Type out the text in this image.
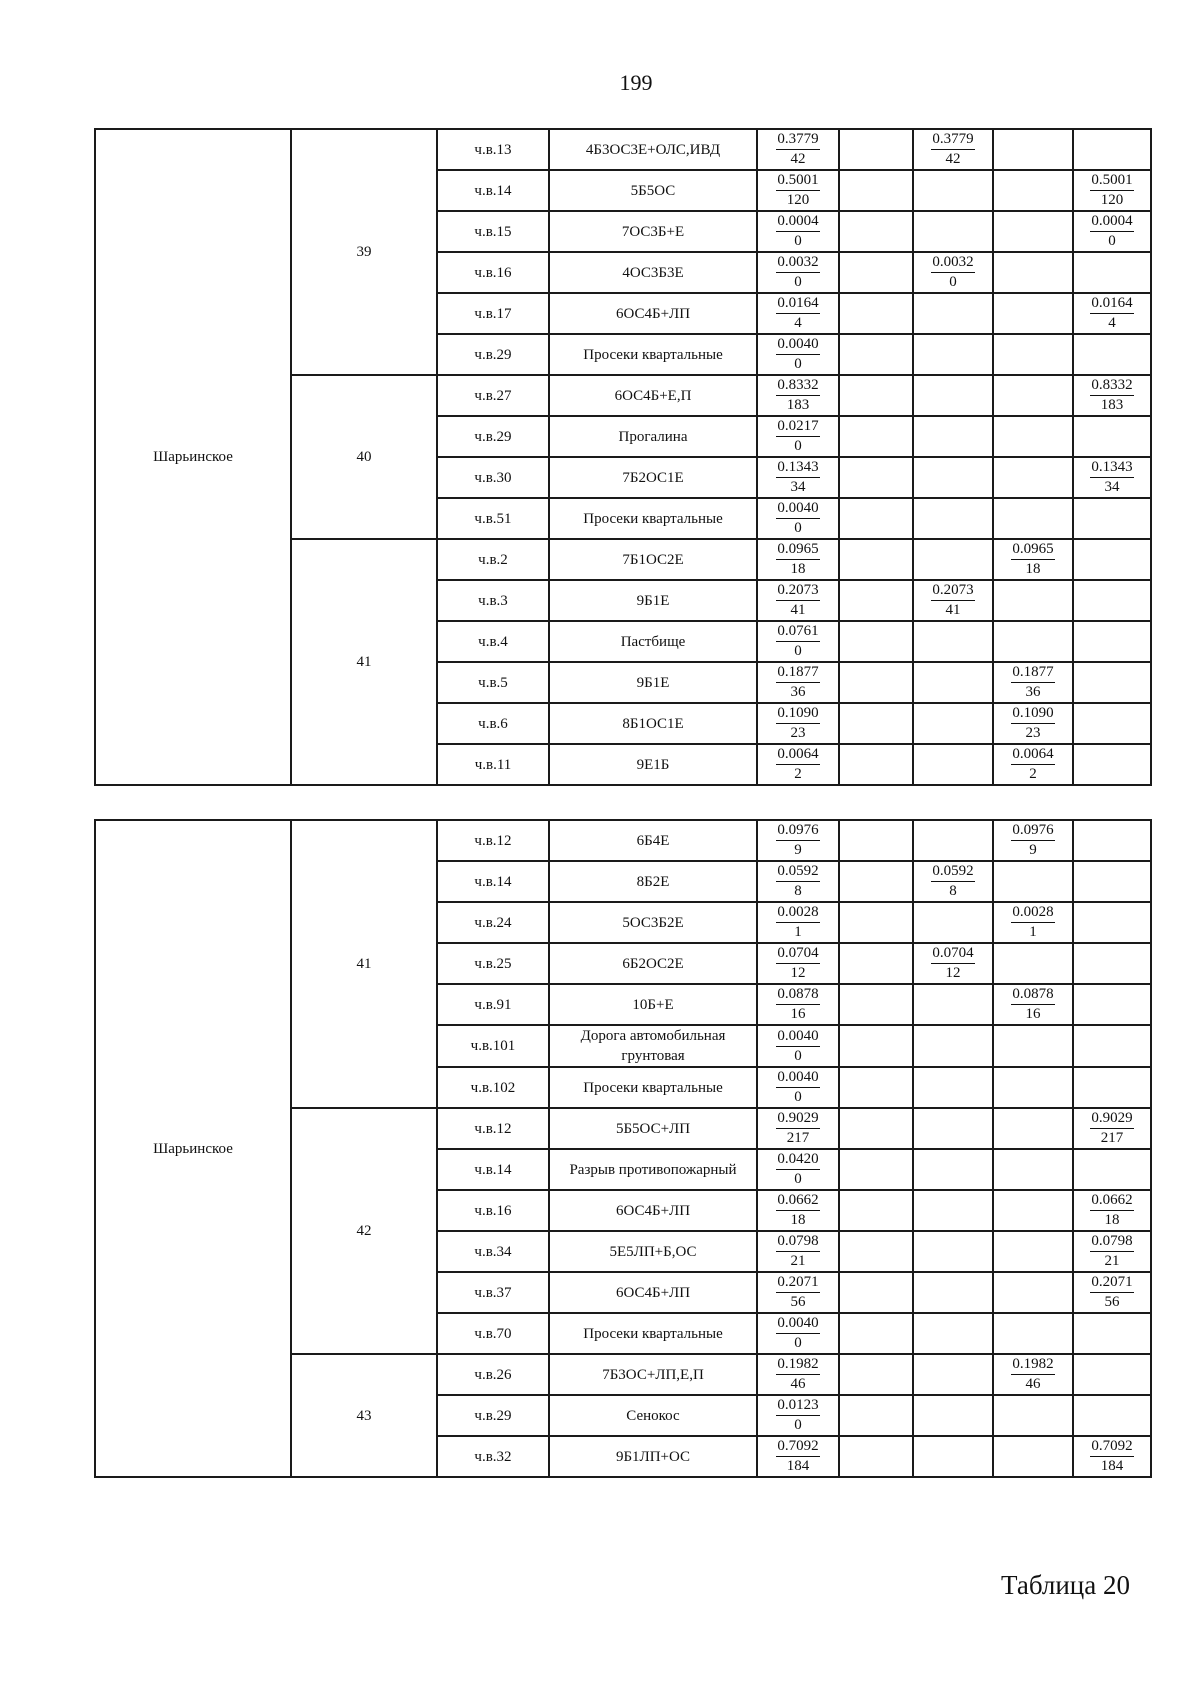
199
Шарьинское	39	ч.в.13	4Б3ОС3Е+ОЛС,ИВД	$\frac{0.3779}{42}$		$\frac{0.3779}{42}$

		ч.в.14	5Б5ОС	$\frac{0.5001}{120}$				$\frac{0.5001}{120}$

		ч.в.15	7ОС3Б+Е	$\frac{0.0004}{0}$				$\frac{0.0004}{0}$

		ч.в.16	4ОС3Б3Е	$\frac{0.0032}{0}$		$\frac{0.0032}{0}$

		ч.в.17	6ОС4Б+ЛП	$\frac{0.0164}{4}$				$\frac{0.0164}{4}$

		ч.в.29	Просеки квартальные	$\frac{0.0040}{0}$

	40	ч.в.27	6ОС4Б+Е,П	$\frac{0.8332}{183}$				$\frac{0.8332}{183}$

		ч.в.29	Прогалина	$\frac{0.0217}{0}$

		ч.в.30	7Б2ОС1Е	$\frac{0.1343}{34}$				$\frac{0.1343}{34}$

		ч.в.51	Просеки квартальные	$\frac{0.0040}{0}$

	41	ч.в.2	7Б1ОС2Е	$\frac{0.0965}{18}$			$\frac{0.0965}{18}$

		ч.в.3	9Б1Е	$\frac{0.2073}{41}$		$\frac{0.2073}{41}$

		ч.в.4	Пастбище	$\frac{0.0761}{0}$

		ч.в.5	9Б1Е	$\frac{0.1877}{36}$			$\frac{0.1877}{36}$

		ч.в.6	8Б1ОС1Е	$\frac{0.1090}{23}$			$\frac{0.1090}{23}$

		ч.в.11	9Е1Б	$\frac{0.0064}{2}$			$\frac{0.0064}{2}$

Шарьинское	41	ч.в.12	6Б4Е	$\frac{0.0976}{9}$			$\frac{0.0976}{9}$

		ч.в.14	8Б2Е	$\frac{0.0592}{8}$		$\frac{0.0592}{8}$

		ч.в.24	5ОС3Б2Е	$\frac{0.0028}{1}$			$\frac{0.0028}{1}$

		ч.в.25	6Б2ОС2Е	$\frac{0.0704}{12}$		$\frac{0.0704}{12}$

		ч.в.91	10Б+Е	$\frac{0.0878}{16}$			$\frac{0.0878}{16}$

		ч.в.101	Дорога автомобильная грунтовая	$\frac{0.0040}{0}$

		ч.в.102	Просеки квартальные	$\frac{0.0040}{0}$

	42	ч.в.12	5Б5ОС+ЛП	$\frac{0.9029}{217}$				$\frac{0.9029}{217}$

		ч.в.14	Разрыв противопожарный	$\frac{0.0420}{0}$

		ч.в.16	6ОС4Б+ЛП	$\frac{0.0662}{18}$				$\frac{0.0662}{18}$

		ч.в.34	5Е5ЛП+Б,ОС	$\frac{0.0798}{21}$				$\frac{0.0798}{21}$

		ч.в.37	6ОС4Б+ЛП	$\frac{0.2071}{56}$				$\frac{0.2071}{56}$

		ч.в.70	Просеки квартальные	$\frac{0.0040}{0}$

	43	ч.в.26	7Б3ОС+ЛП,Е,П	$\frac{0.1982}{46}$			$\frac{0.1982}{46}$

		ч.в.29	Сенокос	$\frac{0.0123}{0}$

		ч.в.32	9Б1ЛП+ОС	$\frac{0.7092}{184}$				$\frac{0.7092}{184}$
Таблица 20
